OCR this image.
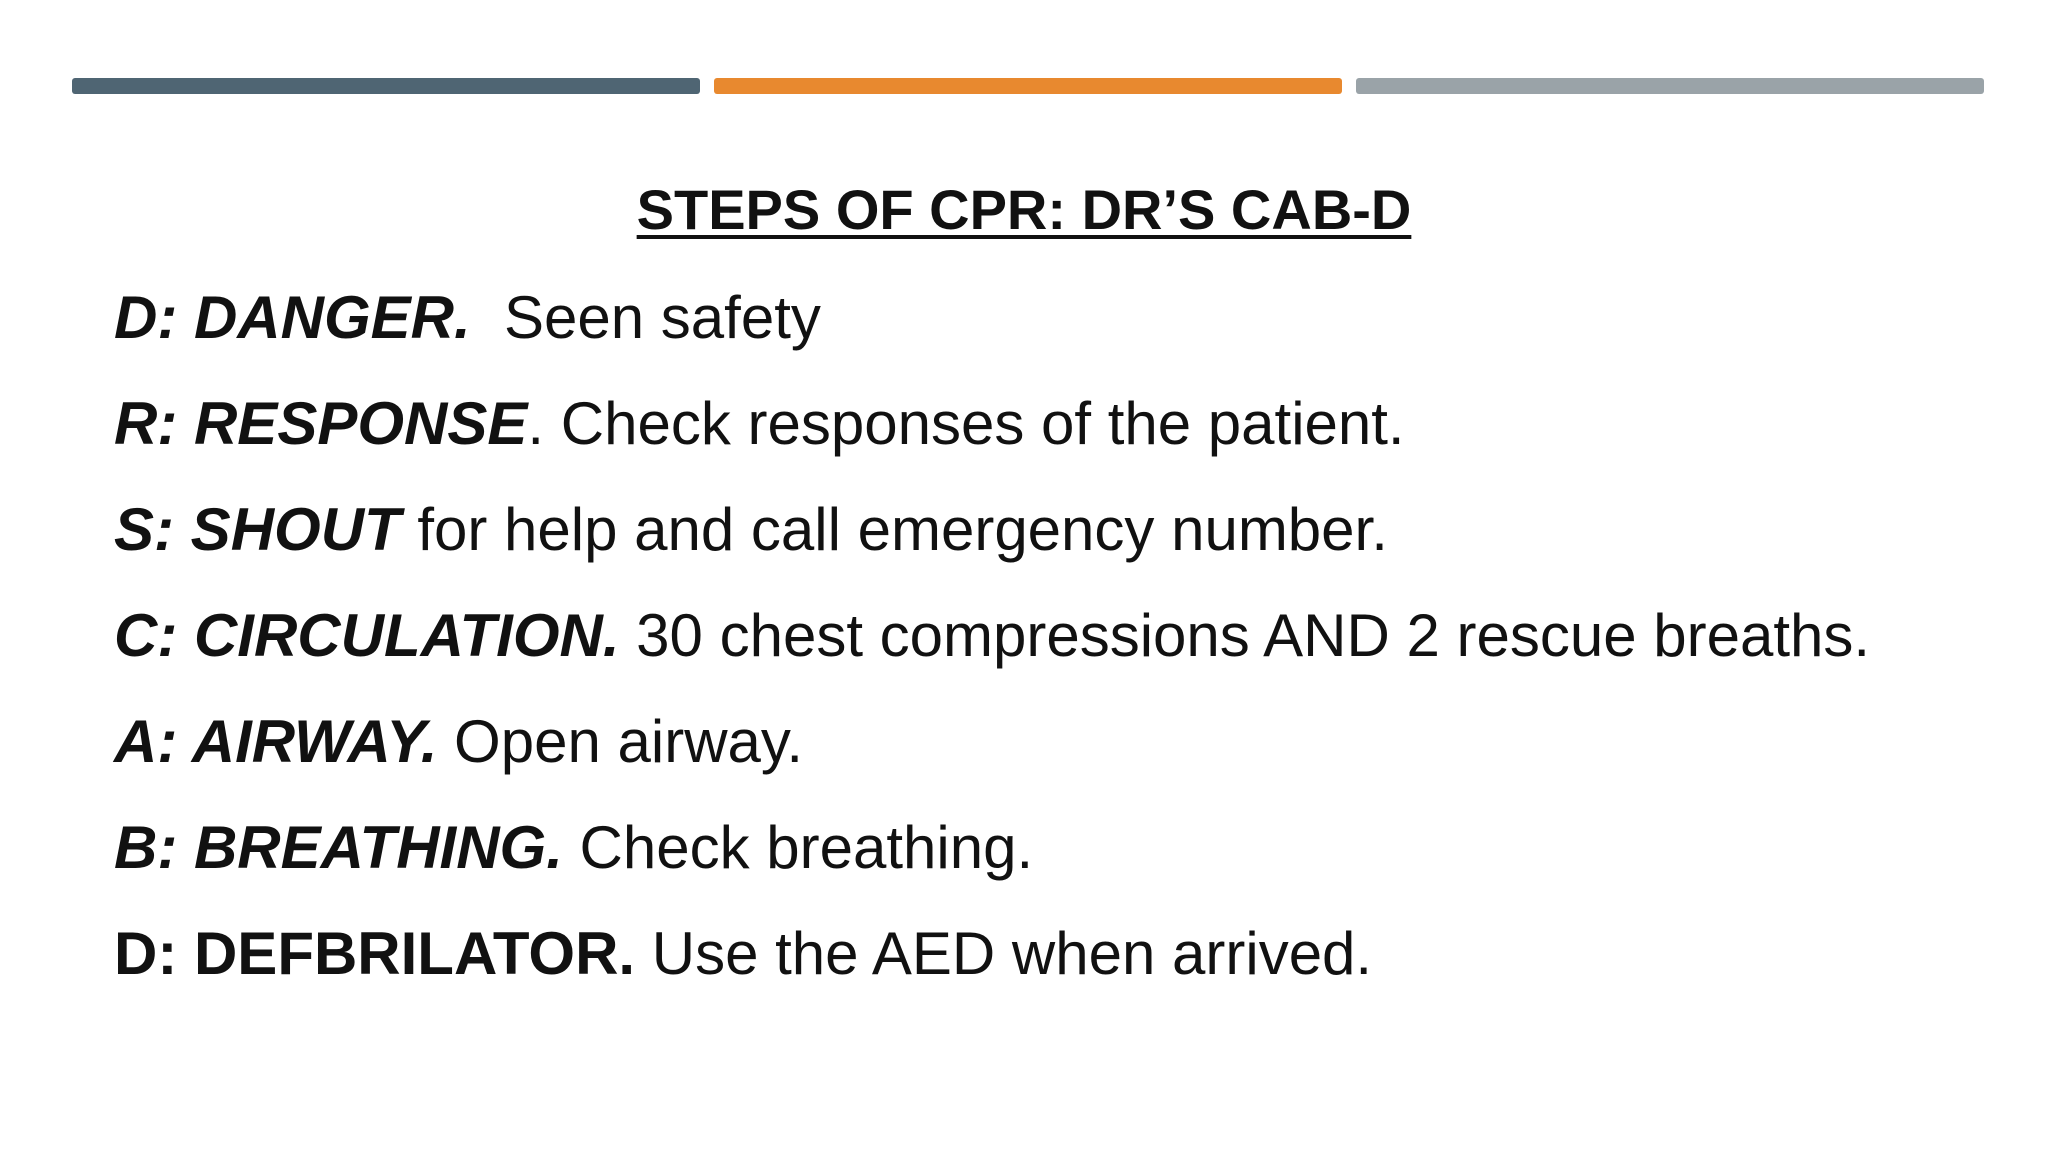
STEPS OF CPR: DR’S CAB-D
D: DANGER.  Seen safety
R: RESPONSE. Check responses of the patient.
S: SHOUT for help and call emergency number.
C: CIRCULATION. 30 chest compressions AND 2 rescue breaths.
A: AIRWAY. Open airway.
B: BREATHING. Check breathing.
D: DEFBRILATOR. Use the AED when arrived.
